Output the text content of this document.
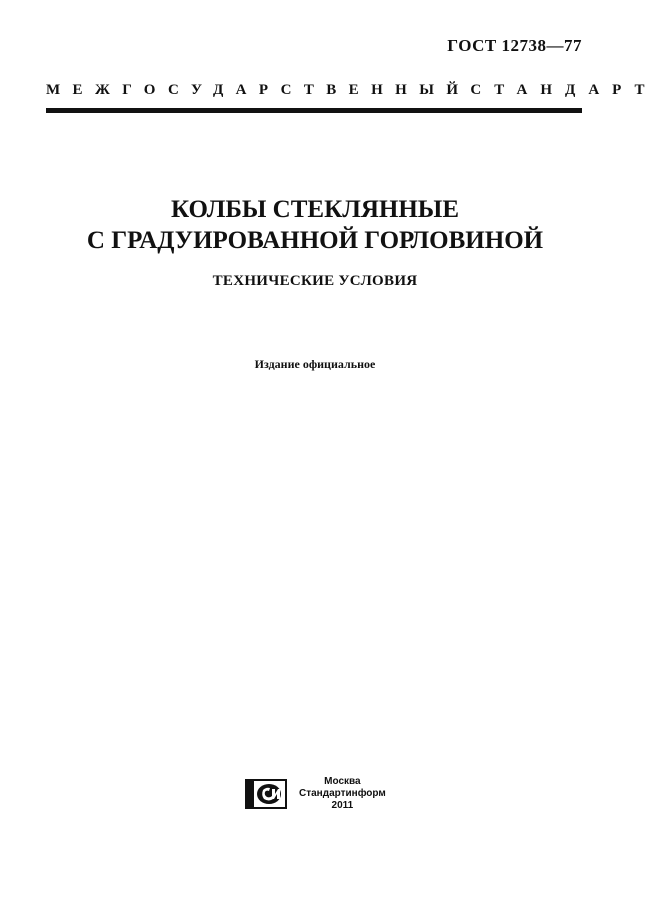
ГОСТ 12738—77
МЕЖГОСУДАРСТВЕННЫЙ СТАНДАРТ
КОЛБЫ СТЕКЛЯННЫЕ
С ГРАДУИРОВАННОЙ ГОРЛОВИНОЙ
ТЕХНИЧЕСКИЕ УСЛОВИЯ
Издание официальное
Москва
Стандартинформ
2011
